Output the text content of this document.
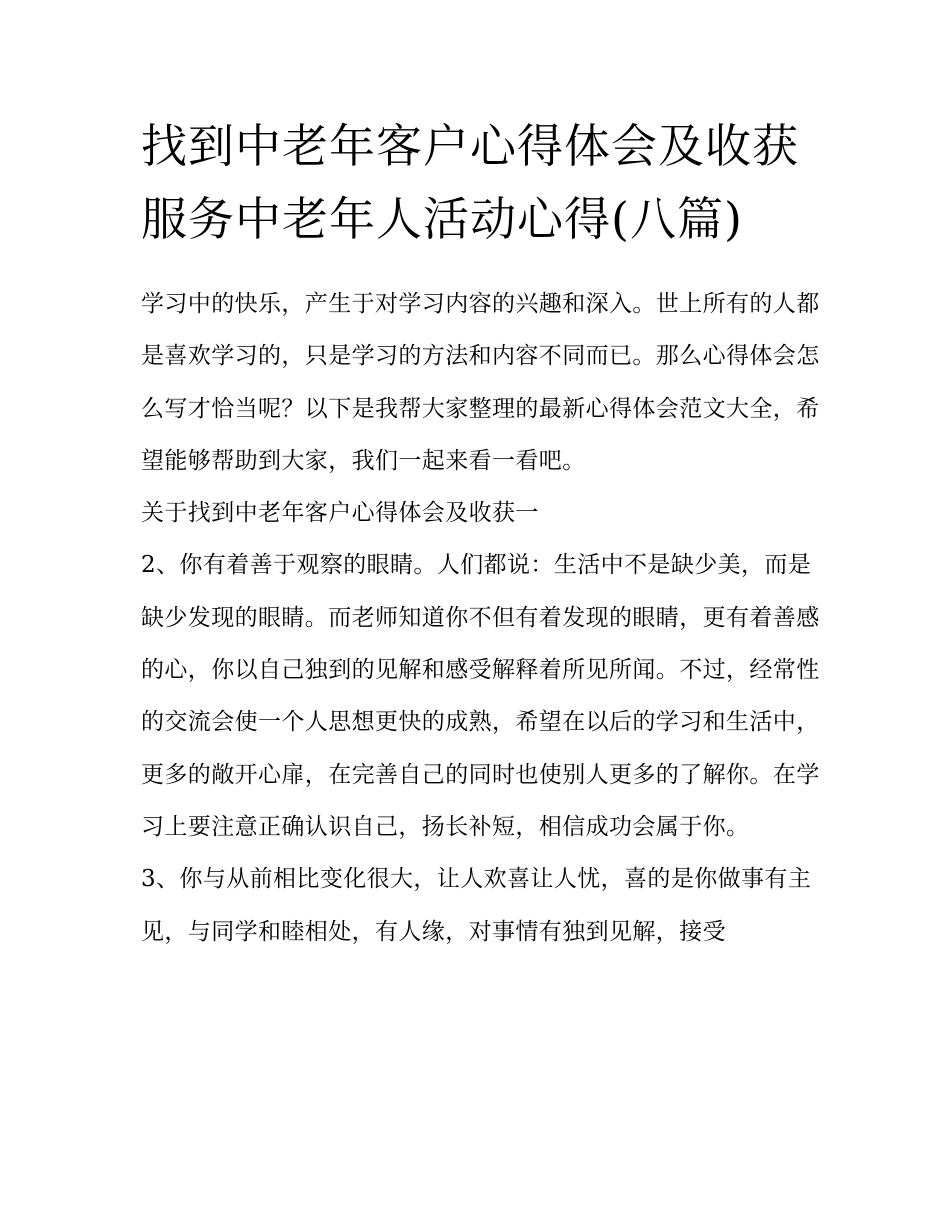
找到中老年客户心得体会及收获 服务中老年人活动心得(八篇)

学习中的快乐，产生于对学习内容的兴趣和深入。世上所有的人都是喜欢学习的，只是学习的方法和内容不同而已。那么心得体会怎么写才恰当呢？以下是我帮大家整理的最新心得体会范文大全，希望能够帮助到大家，我们一起来看一看吧。

关于找到中老年客户心得体会及收获一

2、你有着善于观察的眼睛。人们都说：生活中不是缺少美，而是缺少发现的眼睛。而老师知道你不但有着发现的眼睛，更有着善感的心，你以自己独到的见解和感受解释着所见所闻。不过，经常性的交流会使一个人思想更快的成熟，希望在以后的学习和生活中，

更多的敞开心扉，在完善自己的同时也使别人更多的了解你。在学习上要注意正确认识自己，扬长补短，相信成功会属于你。

3、你与从前相比变化很大，让人欢喜让人忧，喜的是你做事有主见，与同学和睦相处，有人缘，对事情有独到见解，接受
